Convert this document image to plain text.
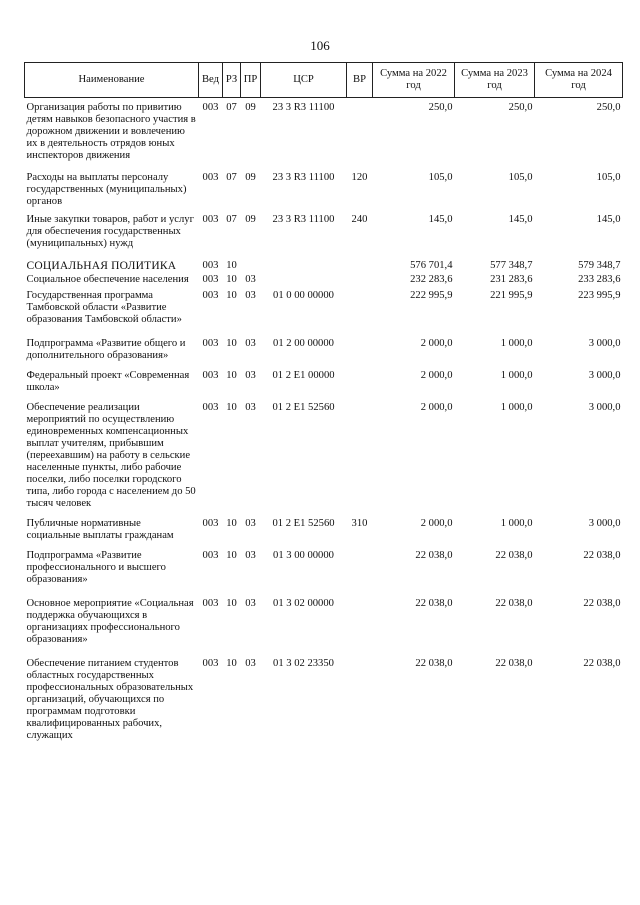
106
Наименование	Вед	РЗ	ПР	ЦСР	ВР	Сумма на 2022 год	Сумма на 2023 год	Сумма на 2024 год
Организация работы по привитию детям навыков безопасного участия в дорожном движении и вовлечению их в деятельность отрядов юных инспекторов движения	003	07	09	23 3 R3 11100		250,0	250,0	250,0
Расходы на выплаты персоналу государственных (муниципальных) органов	003	07	09	23 3 R3 11100	120	105,0	105,0	105,0
Иные закупки товаров, работ и услуг для обеспечения государственных (муниципальных) нужд	003	07	09	23 3 R3 11100	240	145,0	145,0	145,0
СОЦИАЛЬНАЯ ПОЛИТИКА	003	10				576 701,4	577 348,7	579 348,7
Социальное обеспечение населения	003	10	03			232 283,6	231 283,6	233 283,6
Государственная программа Тамбовской области «Развитие образования Тамбовской области»	003	10	03	01 0 00 00000		222 995,9	221 995,9	223 995,9
Подпрограмма «Развитие общего и дополнительного образования»	003	10	03	01 2 00 00000		2 000,0	1 000,0	3 000,0
Федеральный проект «Современная школа»	003	10	03	01 2 E1 00000		2 000,0	1 000,0	3 000,0
Обеспечение реализации мероприятий по осуществлению единовременных компенсационных выплат учителям, прибывшим (переехавшим) на работу в сельские населенные пункты, либо рабочие поселки, либо поселки городского типа, либо города с населением до 50 тысяч человек	003	10	03	01 2 E1 52560		2 000,0	1 000,0	3 000,0
Публичные нормативные социальные выплаты гражданам	003	10	03	01 2 E1 52560	310	2 000,0	1 000,0	3 000,0
Подпрограмма «Развитие профессионального и высшего образования»	003	10	03	01 3 00 00000		22 038,0	22 038,0	22 038,0
Основное мероприятие «Социальная поддержка обучающихся в организациях профессионального образования»	003	10	03	01 3 02 00000		22 038,0	22 038,0	22 038,0
Обеспечение питанием студентов областных государственных профессиональных образовательных организаций, обучающихся по программам подготовки квалифицированных рабочих, служащих	003	10	03	01 3 02 23350		22 038,0	22 038,0	22 038,0
